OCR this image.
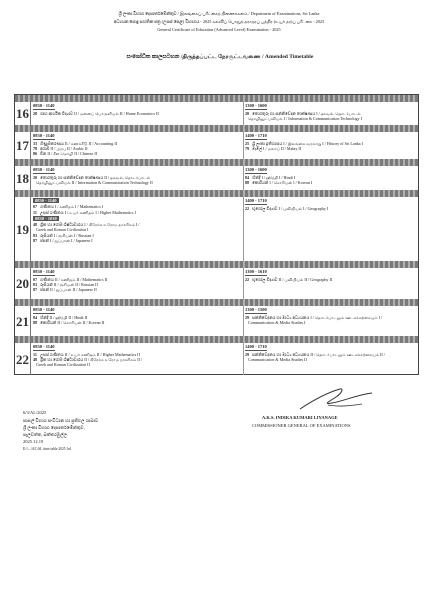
ශ්‍රී ලංකා විභාග දෙපාර්තමේන්තුව / இலங்கைப் பரீட்சைத் திணைக்களம் / Department of Examinations, Sri Lanka
අධ්‍යයන පොදු සහතික පත්‍ර (උසස් පෙළ) විභාගය - 2025 கல்விப் பொதுத் தராதரப் பத்திர (உயர் தர)ப் பரீட்சை - 2025
General Certificate of Education (Advanced Level) Examination - 2025
සංශෝධිත කාලසටහන /திருத்தப்பட்ட நேரசூட்டவணை / Amended Timetable
16
0830 - 1140
28 ගෘහ ආර්ථික විද්‍යාව II / மனைப் பொருளியல் II / Home Economics II
1300 - 1600
20 තොරතුරු හා සන්නිවේදන තාක්ෂණය I / தகவல், தொடர்பாடல்
தொழினுட்பவியல் I / Information & Communication Technology I
17
0830 - 1140
33 ගිණුම්කරණය II / கணக்கீடு II / Accounting II
78 අරාබි II / அரபு II / Arabic II
86 චීන II / சீன மொழி II / Chinese II
1400 - 1710
25 ශ්‍රී ලංකා ඉතිහාසය I / இலங்கை வரலாறு I / History of Sri Lanka I
79 මැලේ I / மலாய் II / Malay II
18
0830 - 1140
20 තොරතුරු හා සන්නිවේදන තාක්ෂණය II / தகவல், தொடர்பாடல்
தொழினுட்பவியல் II / Information & Communication Technology II
1300 - 1600
84 හින්දි I / ஹிந்தி I / Hindi I
88 කොරියන් I / கொரியன் I / Korean I
19
0830 - 1140
07 ගණිතය I / கணிதம் I / Mathematics I
11 උසස් ගණිතය I / உயர் கணிதம் I / Higher Mathematics I
0830 - 1030
48 ග්‍රීක හා රෝම ශිෂ්ටාචාරය I / கிரேக்க உரோம நாகரிகம் I /
Greek and Roman Civilization I
83 රුසියන් I / ரூசியன் I / Russian I
87 ජපන් I / ஜப்பான் I / Japanese I
1400 - 1710
22 භූගෝල විද්‍යාව I / புவியியல் I / Geography I
20
0830 - 1140
07 ගණිතය II / கணிதம் II / Mathematics II
83 රුසියන් II / ரூசியன் II / Russian II
87 ජපන් II / ஜப்பான் II / Japanese II
1300 - 1610
22 භූගෝල විද්‍යාව II / புவியியல் II / Geography II
21
0830 - 1140
84 හින්දි II / ஹிந்தி II / Hindi II
88 කොරියන් II / கொரியன் II / Korean II
1300 - 1500
29 සන්නිවේදනය හා මාධ්‍ය අධ්‍යයනය I / தொடர்பாடலும் ஊடகக்கற்கையும் I /
Communication & Media Studies I
22
0830 - 1140
11 උසස් ගණිතය II / உயர் கணிதம் II / Higher Mathematics II
48 ග්‍රීක හා රෝම ශිෂ්ටාචාරය II / கிரேக்க உரோம நாகரிகம் II /
Greek and Roman Civilization II
1400 - 1710
29 සන්නිවේදනය හා මාධ්‍ය අධ්‍යයනය II / தொடர்பாடலும் ஊடகக்கற்கையும் II /
Communication & Media Studies II
A.K.S. INDIKA KUMARI LIYANAGE
COMMISSIONER GENERAL OF EXAMINATIONS
6/3/AL/2025
පාසල් විභාග සංවිධාන හා ප්‍රතිඵල ශාඛාව
ශ්‍රී ලංකා විභාග දෙපාර්තමේන්තුව,
පැලවත්ත, බත්තරමුල්ල.
2025.12.19
E:\\...\AL\AL time table 2025 .hd
